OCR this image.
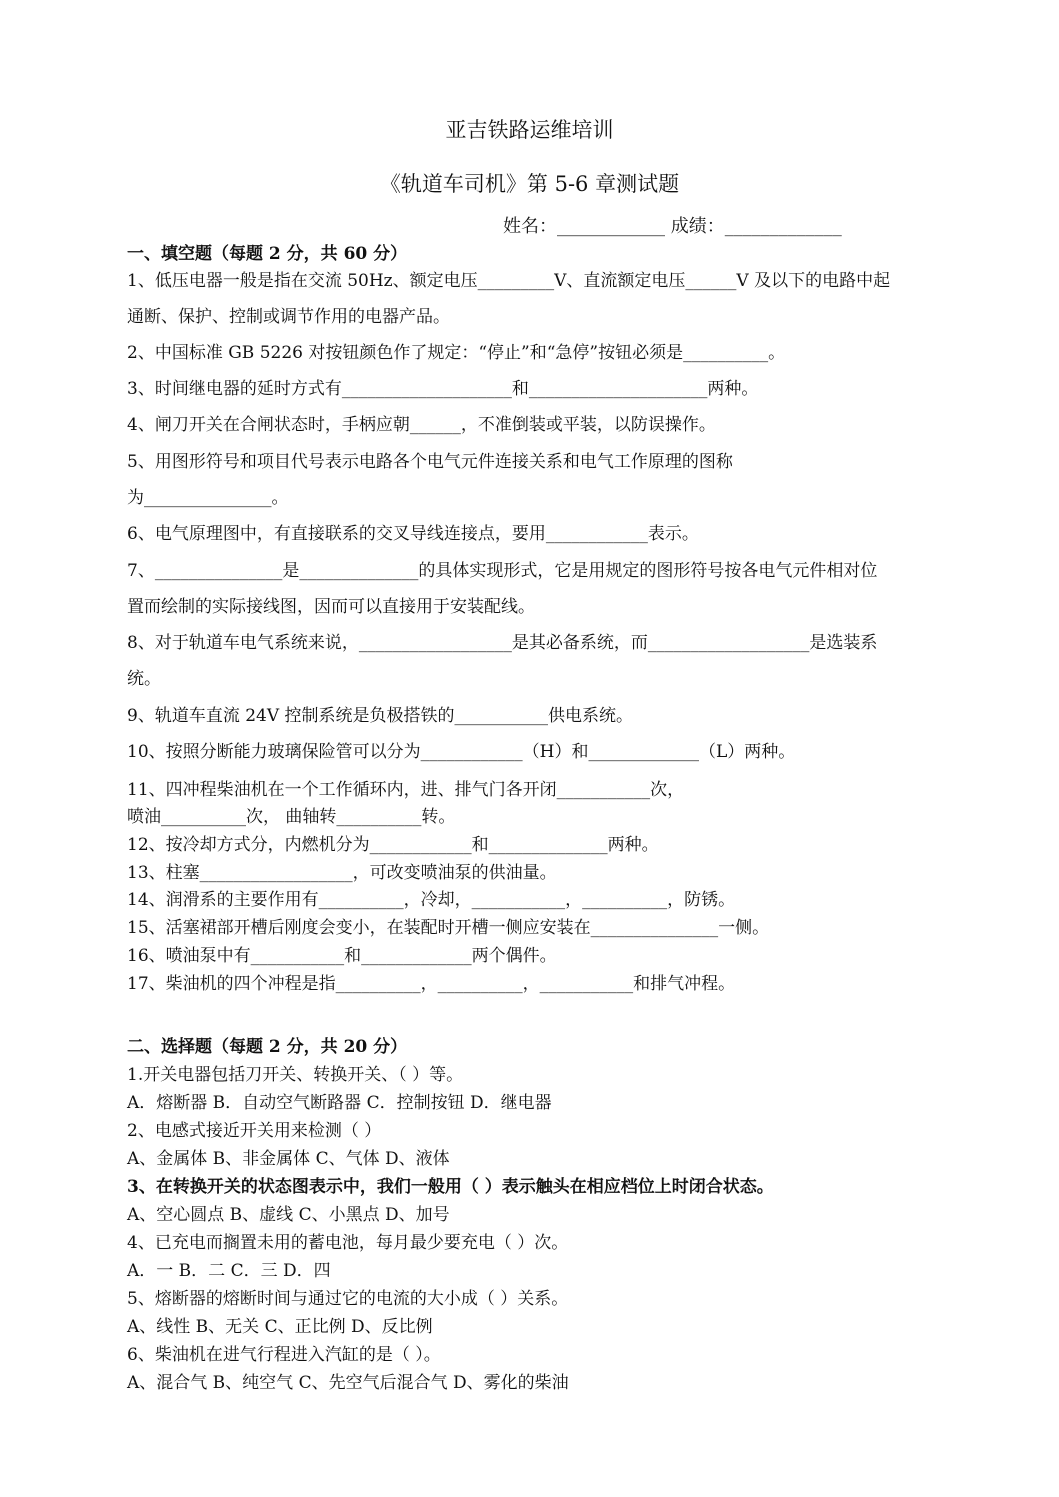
亚吉铁路运维培训
《轨道车司机》第 5-6 章测试题
姓名：____________ 成绩：_____________
一、填空题（每题 2 分，共 60 分）
1、低压电器一般是指在交流 50Hz、额定电压_________V、直流额定电压______V 及以下的电路中起
通断、保护、控制或调节作用的电器产品。
2、中国标准 GB 5226 对按钮颜色作了规定：“停止”和“急停”按钮必须是__________。
3、时间继电器的延时方式有____________________和_____________________两种。
4、闸刀开关在合闸状态时，手柄应朝______，不准倒装或平装，以防误操作。
5、用图形符号和项目代号表示电路各个电气元件连接关系和电气工作原理的图称
为_______________。
6、电气原理图中，有直接联系的交叉导线连接点，要用____________表示。
7、_______________是______________的具体实现形式，它是用规定的图形符号按各电气元件相对位
置而绘制的实际接线图，因而可以直接用于安装配线。
8、对于轨道车电气系统来说，__________________是其必备系统，而___________________是选装系
统。
9、轨道车直流 24V 控制系统是负极搭铁的___________供电系统。
10、按照分断能力玻璃保险管可以分为____________（H）和_____________（L）两种。
11、四冲程柴油机在一个工作循环内，进、排气门各开闭___________次，
喷油__________次， 曲轴转__________转。
12、按冷却方式分，内燃机分为____________和______________两种。
13、柱塞__________________，可改变喷油泵的供油量。
14、润滑系的主要作用有__________，冷却，___________，__________，防锈。
15、活塞裙部开槽后刚度会变小，在装配时开槽一侧应安装在_______________一侧。
16、喷油泵中有___________和_____________两个偶件。
17、柴油机的四个冲程是指__________，__________，___________和排气冲程。
二、选择题（每题 2 分，共 20 分）
1.开关电器包括刀开关、转换开关、（ ）等。
A．熔断器 B．自动空气断路器 C．控制按钮 D．继电器
2、电感式接近开关用来检测（ ）
A、金属体 B、非金属体 C、气体 D、液体
3、在转换开关的状态图表示中，我们一般用（ ）表示触头在相应档位上时闭合状态。
A、空心圆点 B、虚线 C、小黑点 D、加号
4、已充电而搁置未用的蓄电池，每月最少要充电（ ）次。
A．一 B．二 C．三 D．四
5、熔断器的熔断时间与通过它的电流的大小成（ ）关系。
A、线性 B、无关 C、正比例 D、反比例
6、柴油机在进气行程进入汽缸的是（ ）。
A、混合气 B、纯空气 C、先空气后混合气 D、雾化的柴油
